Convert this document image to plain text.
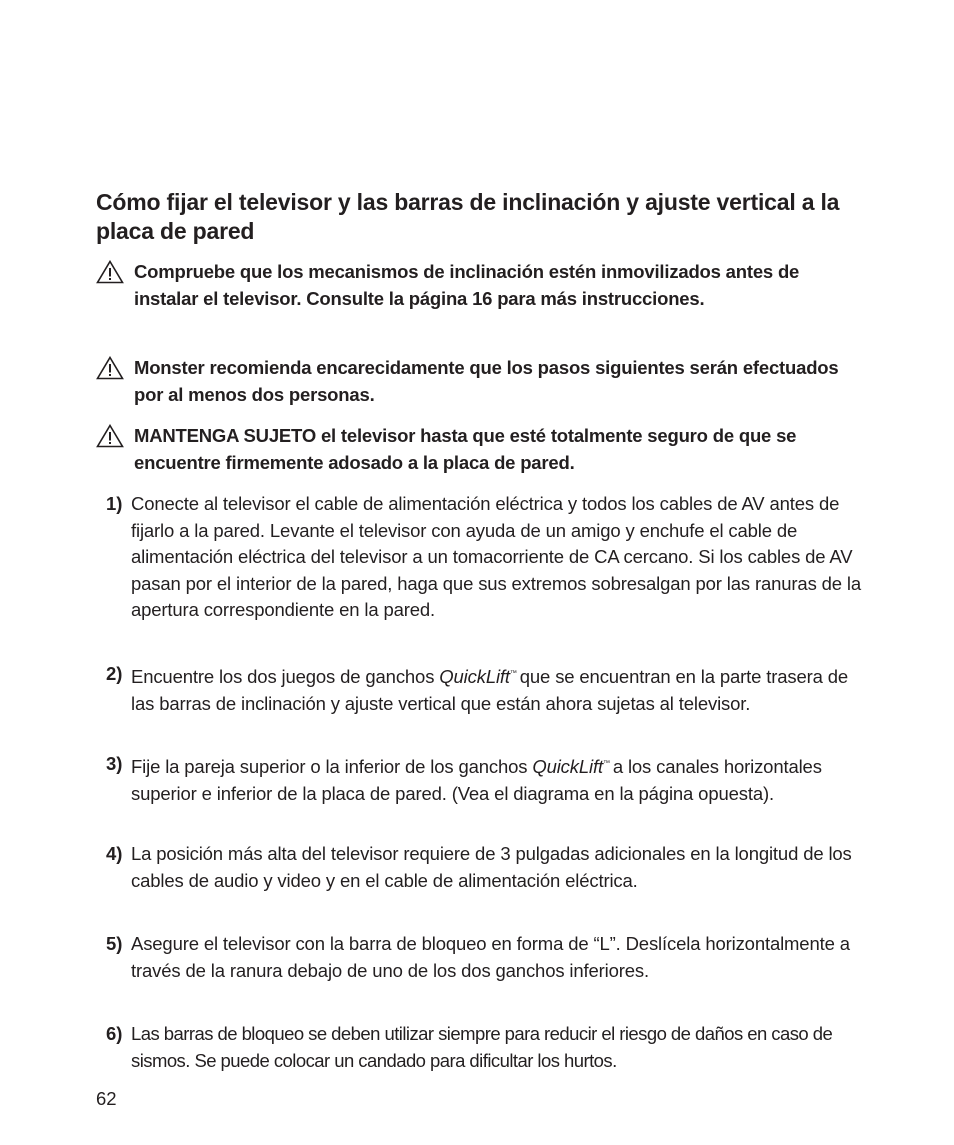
Cómo fijar el televisor y las barras de inclinación y ajuste vertical a la placa de pared

Compruebe que los mecanismos de inclinación estén inmovilizados antes de instalar el televisor. Consulte la página 16 para más instrucciones.

Monster recomienda encarecidamente que los pasos siguientes serán efectuados por al menos dos personas.

MANTENGA SUJETO el televisor hasta que esté totalmente seguro de que se encuentre firmemente adosado a la placa de pared.

1) Conecte al televisor el cable de alimentación eléctrica y todos los cables de AV antes de fijarlo a la pared. Levante el televisor con ayuda de un amigo y enchufe el cable de alimentación eléctrica del televisor a un tomacorriente de CA cercano. Si los cables de AV pasan por el interior de la pared, haga que sus extremos sobresalgan por las ranuras de la apertura correspondiente en la pared.

2) Encuentre los dos juegos de ganchos QuickLift™ que se encuentran en la parte trasera de las barras de inclinación y ajuste vertical que están ahora sujetas al televisor.

3) Fije la pareja superior o la inferior de los ganchos QuickLift™ a los canales horizontales superior e inferior de la placa de pared. (Vea el diagrama en la página opuesta).

4) La posición más alta del televisor requiere de 3 pulgadas adicionales en la longitud de los cables de audio y video y en el cable de alimentación eléctrica.

5) Asegure el televisor con la barra de bloqueo en forma de “L”. Deslícela horizontalmente a través de la ranura debajo de uno de los dos ganchos inferiores.

6) Las barras de bloqueo se deben utilizar siempre para reducir el riesgo de daños en caso de sismos. Se puede colocar un candado para dificultar los hurtos.

62
